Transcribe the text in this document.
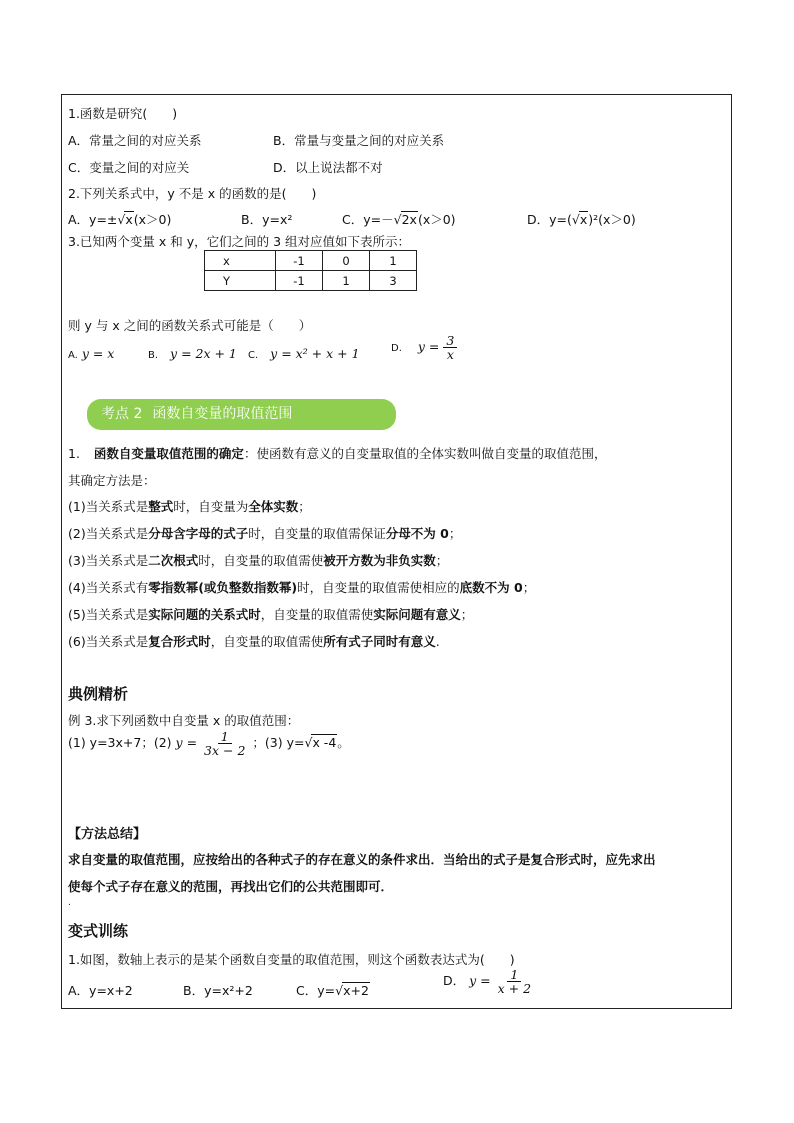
1.函数是研究(　　)
A．常量之间的对应关系	B．常量与变量之间的对应关系
C．变量之间的对应关	D．以上说法都不对
2.下列关系式中，y 不是 x 的函数的是(　　)
A．y=±√x(x＞0)	B．y=x²	C．y=－√2x(x＞0)	D．y=(√x)²(x＞0)
3.已知两个变量 x 和 y，它们之间的 3 组对应值如下表所示：
x	-1	0	1
Y	-1	1	3
则 y 与 x 之间的函数关系式可能是（　　）
A. y = x	B. y = 2x + 1 C. y = x² + x + 1	D. $y = \frac{3}{x}$
考点 2 函数自变量的取值范围
1. 函数自变量取值范围的确定：使函数有意义的自变量取值的全体实数叫做自变量的取值范围，
其确定方法是：
(1)当关系式是整式时，自变量为全体实数；
(2)当关系式是分母含字母的式子时，自变量的取值需保证分母不为 0；
(3)当关系式是二次根式时，自变量的取值需使被开方数为非负实数；
(4)当关系式有零指数幂(或负整数指数幂)时，自变量的取值需使相应的底数不为 0；
(5)当关系式是实际问题的关系式时，自变量的取值需使实际问题有意义；
(6)当关系式是复合形式时，自变量的取值需使所有式子同时有意义.
典例精析
例 3.求下列函数中自变量 x 的取值范围：
(1) y=3x+7；(2) $y = \frac{1}{3x - 2}$ ；(3) y=√x -4。
【方法总结】
求自变量的取值范围，应按给出的各种式子的存在意义的条件求出．当给出的式子是复合形式时，应先求出
使每个式子存在意义的范围，再找出它们的公共范围即可．
.
变式训练
1.如图，数轴上表示的是某个函数自变量的取值范围，则这个函数表达式为(　　)
A．y=x+2	B．y=x²+2	C．y=√x+2
D． $y = \frac{1}{x + 2}$
